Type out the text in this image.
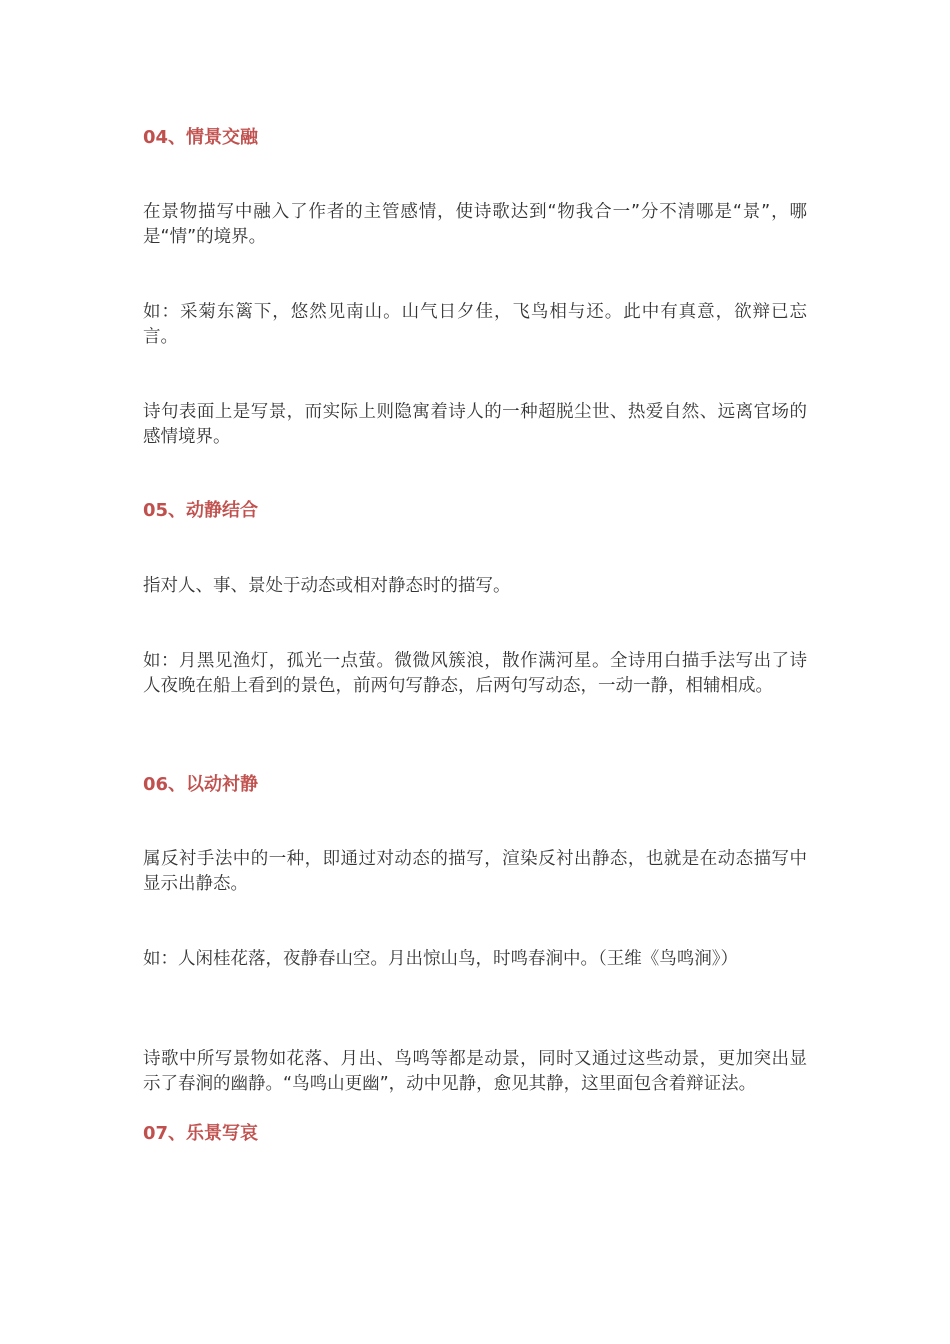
04、情景交融

在景物描写中融入了作者的主管感情，使诗歌达到“物我合一”分不清哪是“景”，哪是“情”的境界。

如：采菊东篱下，悠然见南山。山气日夕佳，飞鸟相与还。此中有真意，欲辩已忘言。

诗句表面上是写景，而实际上则隐寓着诗人的一种超脱尘世、热爱自然、远离官场的感情境界。

05、动静结合

指对人、事、景处于动态或相对静态时的描写。

如：月黑见渔灯，孤光一点萤。微微风簇浪，散作满河星。全诗用白描手法写出了诗人夜晚在船上看到的景色，前两句写静态，后两句写动态，一动一静，相辅相成。

06、以动衬静

属反衬手法中的一种，即通过对动态的描写，渲染反衬出静态，也就是在动态描写中显示出静态。

如：人闲桂花落，夜静春山空。月出惊山鸟，时鸣春涧中。（王维《鸟鸣涧》）

诗歌中所写景物如花落、月出、鸟鸣等都是动景，同时又通过这些动景，更加突出显示了春涧的幽静。“鸟鸣山更幽”，动中见静，愈见其静，这里面包含着辩证法。

07、乐景写哀
